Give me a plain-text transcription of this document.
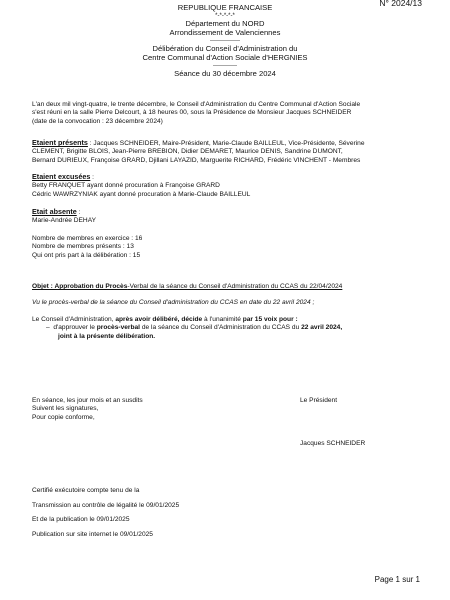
N° 2024/13
REPUBLIQUE FRANCAISE
*-*-*-*-*
Département du NORD
Arrondissement de Valenciennes
---------------
Délibération du Conseil d'Administration du
Centre Communal d'Action Sociale d'HERGNIES
------------
Séance du 30 décembre 2024
L'an deux mil vingt-quatre, le trente décembre, le Conseil d'Administration du Centre Communal d'Action Sociale
s'est réuni en la salle Pierre Delcourt, à 18 heures 00, sous la Présidence de Monsieur Jacques SCHNEIDER
(date de la convocation : 23 décembre 2024)
Etaient présents : Jacques SCHNEIDER, Maire-Président, Marie-Claude BAILLEUL, Vice-Présidente, Séverine
CLEMENT, Brigitte BLOIS, Jean-Pierre BREBION, Didier DEMARET, Maurice DENIS, Sandrine DUMONT,
Bernard DURIEUX, Françoise GRARD, Djillani LAYAZID, Marguerite RICHARD, Frédéric VINCHENT - Membres
Etaient excusées :
Betty FRANQUET ayant donné procuration à Françoise GRARD
Cédric WAWRZYNIAK ayant donné procuration à Marie-Claude BAILLEUL
Etait absente :
Marie-Andrée DEHAY
Nombre de membres en exercice : 16
Nombre de membres présents : 13
Qui ont pris part à la délibération : 15
Objet : Approbation du Procès-Verbal de la séance du Conseil d'Administration du CCAS du 22/04/2024
Vu le procès-verbal de la séance du Conseil d'administration du CCAS en date du 22 avril 2024 ;
Le Conseil d'Administration, après avoir délibéré, décide à l'unanimité par 15 voix pour :
– d'approuver le procès-verbal de la séance du Conseil d'Administration du CCAS du 22 avril 2024,
joint à la présente délibération.
En séance, les jour mois et an susdits
Suivent les signatures,
Pour copie conforme,
Le Président
Jacques SCHNEIDER
Certifié exécutoire compte tenu de la
Transmission au contrôle de légalité le 09/01/2025
Et de la publication le 09/01/2025
Publication sur site internet le 09/01/2025
Page 1 sur 1
